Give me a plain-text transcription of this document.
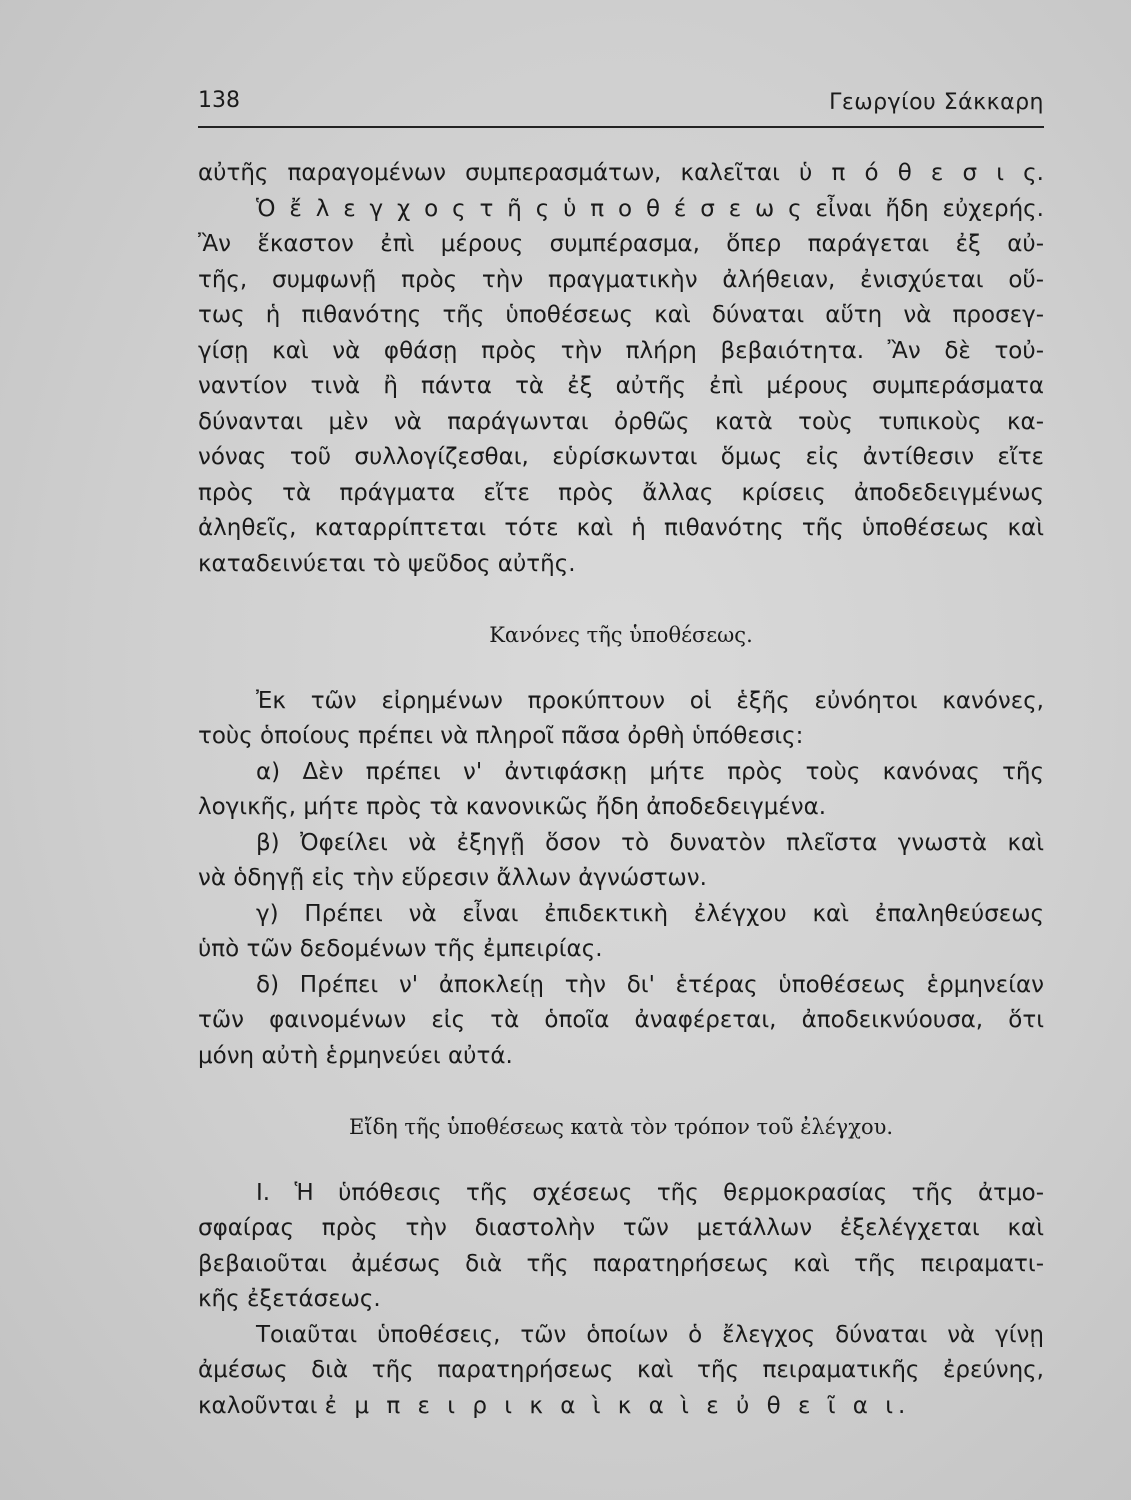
138	Γεωργίου Σάκκαρη
αὐτῆς παραγομένων συμπερασμάτων, καλεῖται ὑ π ό θ ε σ ι ς.
Ὁ ἔ λ ε γ χ ο ς τ ῆ ς ὑ π ο θ έ σ ε ω ς εἶναι ἤδη εὐχερής.
Ἂν ἕκαστον ἐπὶ μέρους συμπέρασμα, ὅπερ παράγεται ἐξ αὐ-
τῆς, συμφωνῇ πρὸς τὴν πραγματικὴν ἀλήθειαν, ἐνισχύεται οὕ-
τως ἡ πιθανότης τῆς ὑποθέσεως καὶ δύναται αὕτη νὰ προσεγ-
γίσῃ καὶ νὰ φθάσῃ πρὸς τὴν πλήρη βεβαιότητα. Ἂν δὲ τοὐ-
ναντίον τινὰ ἢ πάντα τὰ ἐξ αὐτῆς ἐπὶ μέρους συμπεράσματα
δύνανται μὲν νὰ παράγωνται ὀρθῶς κατὰ τοὺς τυπικοὺς κα-
νόνας τοῦ συλλογίζεσθαι, εὑρίσκωνται ὅμως εἰς ἀντίθεσιν εἴτε
πρὸς τὰ πράγματα εἴτε πρὸς ἄλλας κρίσεις ἀποδεδειγμένως
ἀληθεῖς, καταρρίπτεται τότε καὶ ἡ πιθανότης τῆς ὑποθέσεως καὶ
καταδεινύεται τὸ ψεῦδος αὐτῆς.
Κανόνες τῆς ὑποθέσεως.
Ἐκ τῶν εἰρημένων προκύπτουν οἱ ἑξῆς εὐνόητοι κανόνες,
τοὺς ὁποίους πρέπει νὰ πληροῖ πᾶσα ὀρθὴ ὑπόθεσις:
α) Δὲν πρέπει ν' ἀντιφάσκῃ μήτε πρὸς τοὺς κανόνας τῆς
λογικῆς, μήτε πρὸς τὰ κανονικῶς ἤδη ἀποδεδειγμένα.
β) Ὀφείλει νὰ ἐξηγῇ ὅσον τὸ δυνατὸν πλεῖστα γνωστὰ καὶ
νὰ ὁδηγῇ εἰς τὴν εὕρεσιν ἄλλων ἀγνώστων.
γ) Πρέπει νὰ εἶναι ἐπιδεκτικὴ ἐλέγχου καὶ ἐπαληθεύσεως
ὑπὸ τῶν δεδομένων τῆς ἐμπειρίας.
δ) Πρέπει ν' ἀποκλείῃ τὴν δι' ἑτέρας ὑποθέσεως ἑρμηνείαν
τῶν φαινομένων εἰς τὰ ὁποῖα ἀναφέρεται, ἀποδεικνύουσα, ὅτι
μόνη αὐτὴ ἑρμηνεύει αὐτά.
Εἴδη τῆς ὑποθέσεως κατὰ τὸν τρόπον τοῦ ἐλέγχου.
Ι. Ἡ ὑπόθεσις τῆς σχέσεως τῆς θερμοκρασίας τῆς ἀτμο-
σφαίρας πρὸς τὴν διαστολὴν τῶν μετάλλων ἐξελέγχεται καὶ
βεβαιοῦται ἀμέσως διὰ τῆς παρατηρήσεως καὶ τῆς πειραματι-
κῆς ἐξετάσεως.
Τοιαῦται ὑποθέσεις, τῶν ὁποίων ὁ ἔλεγχος δύναται νὰ γίνῃ
ἀμέσως διὰ τῆς παρατηρήσεως καὶ τῆς πειραματικῆς ἐρεύνης,
καλοῦνται ἐ μ π ε ι ρ ι κ α ὶ κ α ὶ ε ὐ θ ε ῖ α ι.
